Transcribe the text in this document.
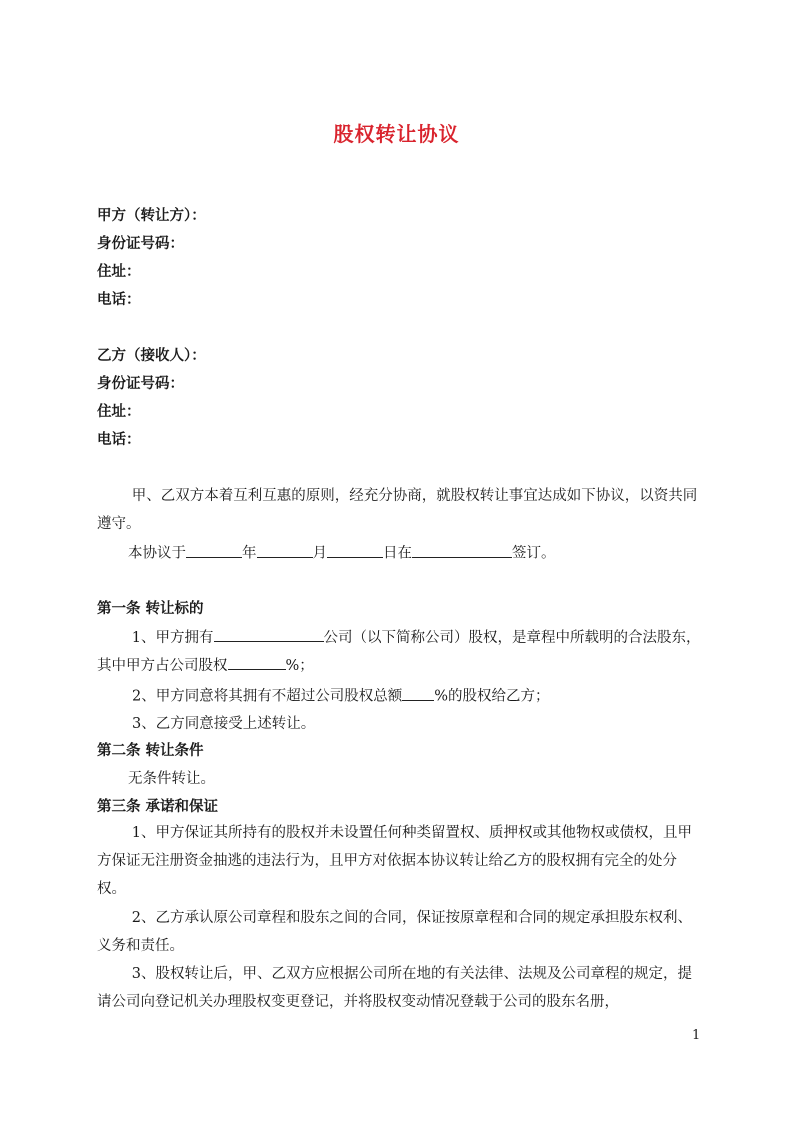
股权转让协议
甲方（转让方）：
身份证号码：
住址：
电话：
乙方（接收人）：
身份证号码：
住址：
电话：
甲、乙双方本着互利互惠的原则，经充分协商，就股权转让事宜达成如下协议，以资共同遵守。
本协议于	年	月	日在	签订。
第一条 转让标的
1、甲方拥有	公司（以下简称公司）股权，是章程中所载明的合法股东，其中甲方占公司股权	%；
2、甲方同意将其拥有不超过公司股权总额 %的股权给乙方；
3、乙方同意接受上述转让。
第二条 转让条件
无条件转让。
第三条 承诺和保证
1、甲方保证其所持有的股权并未设置任何种类留置权、质押权或其他物权或债权，且甲方保证无注册资金抽逃的违法行为，且甲方对依据本协议转让给乙方的股权拥有完全的处分权。
2、乙方承认原公司章程和股东之间的合同，保证按原章程和合同的规定承担股东权利、义务和责任。
3、股权转让后，甲、乙双方应根据公司所在地的有关法律、法规及公司章程的规定，提请公司向登记机关办理股权变更登记，并将股权变动情况登载于公司的股东名册，
1
